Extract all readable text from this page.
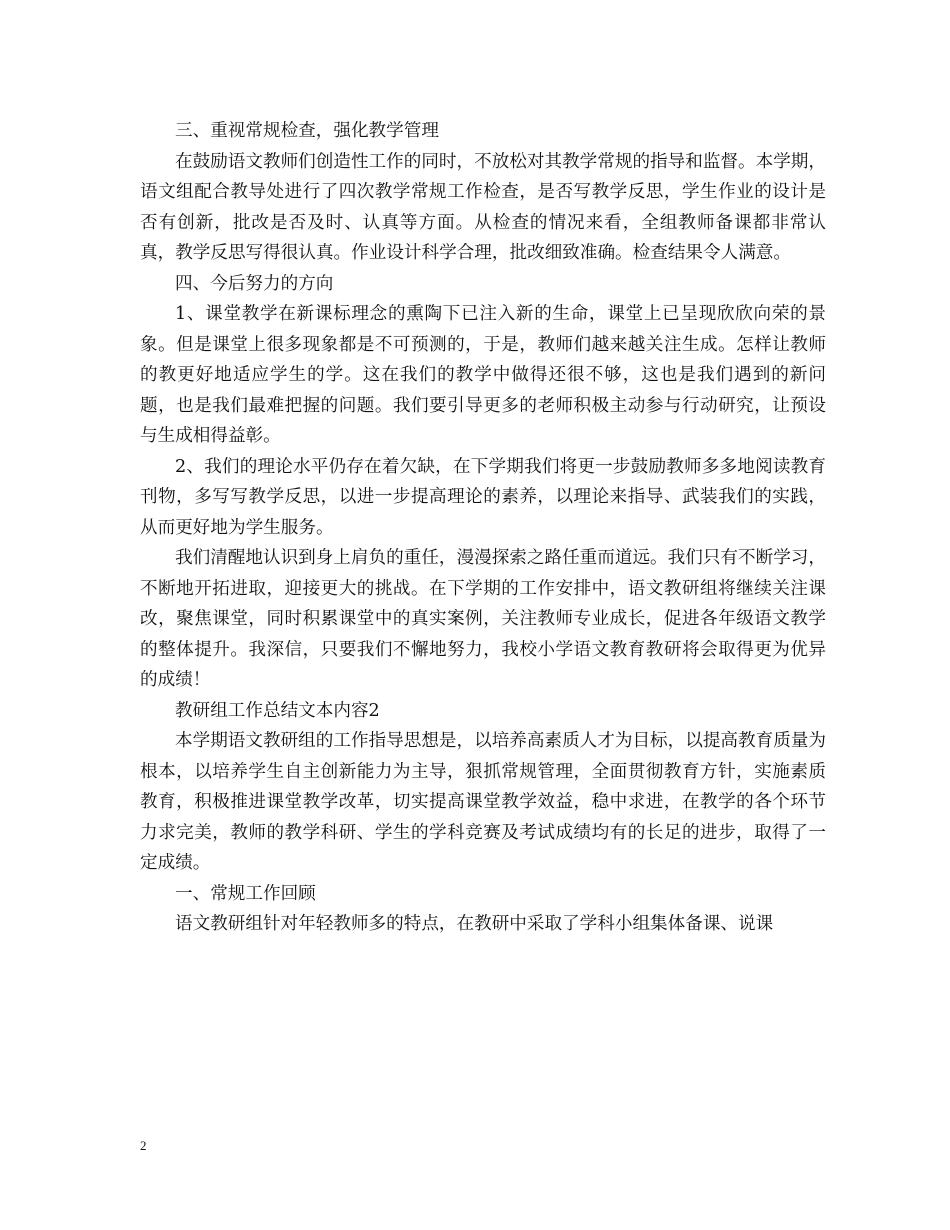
三、重视常规检查，强化教学管理

在鼓励语文教师们创造性工作的同时，不放松对其教学常规的指导和监督。本学期，语文组配合教导处进行了四次教学常规工作检查，是否写教学反思，学生作业的设计是否有创新，批改是否及时、认真等方面。从检查的情况来看，全组教师备课都非常认真，教学反思写得很认真。作业设计科学合理，批改细致准确。检查结果令人满意。

四、今后努力的方向

1、课堂教学在新课标理念的熏陶下已注入新的生命，课堂上已呈现欣欣向荣的景象。但是课堂上很多现象都是不可预测的，于是，教师们越来越关注生成。怎样让教师的教更好地适应学生的学。这在我们的教学中做得还很不够，这也是我们遇到的新问题，也是我们最难把握的问题。我们要引导更多的老师积极主动参与行动研究，让预设与生成相得益彰。

2、我们的理论水平仍存在着欠缺，在下学期我们将更一步鼓励教师多多地阅读教育刊物，多写写教学反思，以进一步提高理论的素养，以理论来指导、武装我们的实践，从而更好地为学生服务。

我们清醒地认识到身上肩负的重任，漫漫探索之路任重而道远。我们只有不断学习，不断地开拓进取，迎接更大的挑战。在下学期的工作安排中，语文教研组将继续关注课改，聚焦课堂，同时积累课堂中的真实案例，关注教师专业成长，促进各年级语文教学的整体提升。我深信，只要我们不懈地努力，我校小学语文教育教研将会取得更为优异的成绩！

教研组工作总结文本内容2

本学期语文教研组的工作指导思想是，以培养高素质人才为目标，以提高教育质量为根本，以培养学生自主创新能力为主导，狠抓常规管理，全面贯彻教育方针，实施素质教育，积极推进课堂教学改革，切实提高课堂教学效益，稳中求进，在教学的各个环节力求完美，教师的教学科研、学生的学科竞赛及考试成绩均有的长足的进步，取得了一定成绩。

一、常规工作回顾

语文教研组针对年轻教师多的特点，在教研中采取了学科小组集体备课、说课

2
